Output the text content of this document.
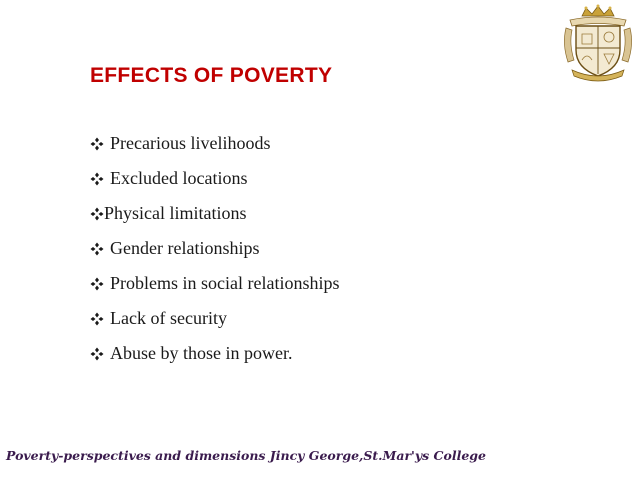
EFFECTS OF POVERTY
Precarious livelihoods
Excluded locations
Physical limitations
Gender relationships
Problems in social relationships
Lack of security
Abuse by those in power.
Poverty-perspectives and dimensions Jincy George,St.Mar'ys College
